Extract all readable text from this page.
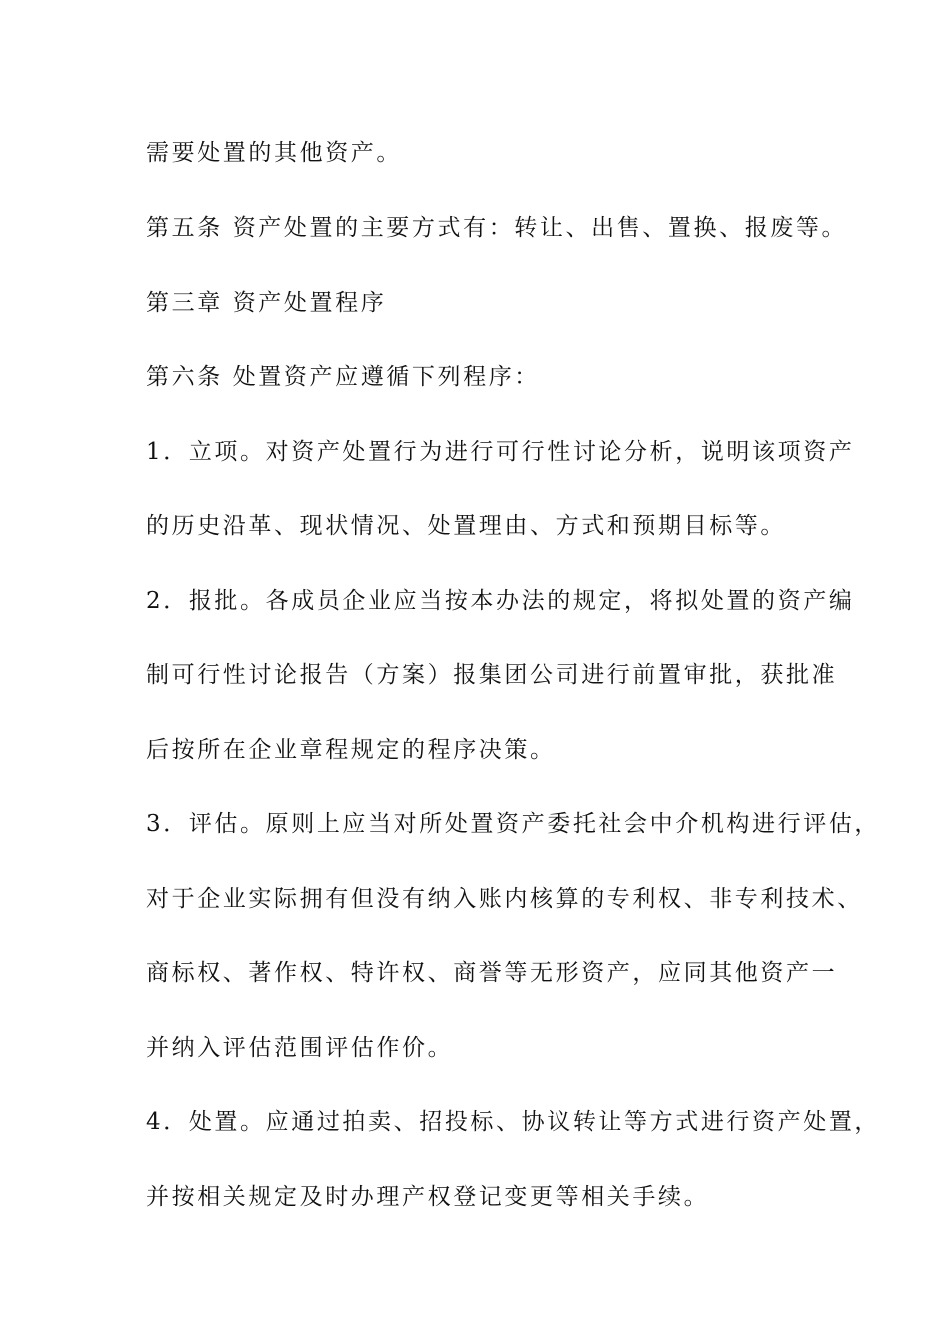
需要处置的其他资产。
第五条 资产处置的主要方式有：转让、出售、置换、报废等。
第三章 资产处置程序
第六条 处置资产应遵循下列程序：
1．立项。对资产处置行为进行可行性讨论分析，说明该项资产
的历史沿革、现状情况、处置理由、方式和预期目标等。
2．报批。各成员企业应当按本办法的规定，将拟处置的资产编
制可行性讨论报告（方案）报集团公司进行前置审批，获批准
后按所在企业章程规定的程序决策。
3．评估。原则上应当对所处置资产委托社会中介机构进行评估，
对于企业实际拥有但没有纳入账内核算的专利权、非专利技术、
商标权、著作权、特许权、商誉等无形资产，应同其他资产一
并纳入评估范围评估作价。
4．处置。应通过拍卖、招投标、协议转让等方式进行资产处置，
并按相关规定及时办理产权登记变更等相关手续。
